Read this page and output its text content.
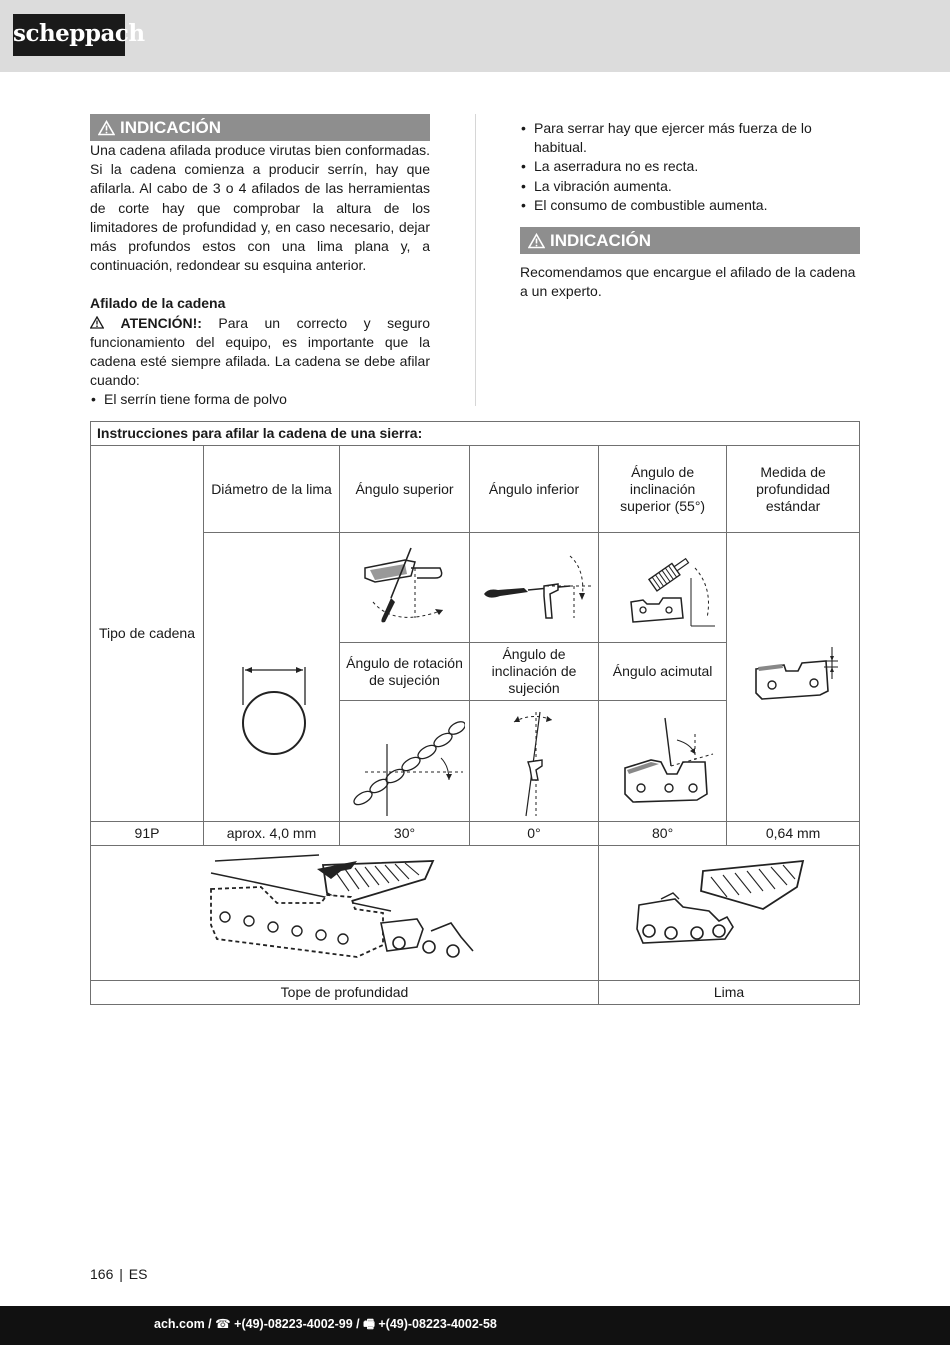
scheppach
INDICACIÓN

Una cadena afilada produce virutas bien conformadas. Si la cadena comienza a producir serrín, hay que afilarla. Al cabo de 3 o 4 afilados de las herramientas de corte hay que comprobar la altura de los limitadores de profundidad y, en caso necesario, dejar más profundos estos con una lima plana y, a continuación, redondear su esquina anterior.

Afilado de la cadena

ATENCIÓN!: Para un correcto y seguro funcionamiento del equipo, es importante que la cadena esté siempre afilada. La cadena se debe afilar cuando:

• El serrín tiene forma de polvo
• Para serrar hay que ejercer más fuerza de lo habitual.
• La aserradura no es recta.
• La vibración aumenta.
• El consumo de combustible aumenta.
INDICACIÓN

Recomendamos que encargue el afilado de la cadena a un experto.

Instrucciones para afilar la cadena de una sierra:					
Tipo de cadena	Diámetro de la lima	Ángulo superior	Ángulo inferior	Ángulo de inclinación superior (55°)	Medida de profundidad estándar

		Ángulo de rotación de sujeción	Ángulo de inclinación de sujeción	Ángulo acimutal	

91P	aprox. 4,0 mm	30°	0°	80°	0,64 mm

Tope de profundidad				Lima	
166 | ES
ach.com / ☎ +(49)-08223-4002-99 / 🖷 +(49)-08223-4002-58
